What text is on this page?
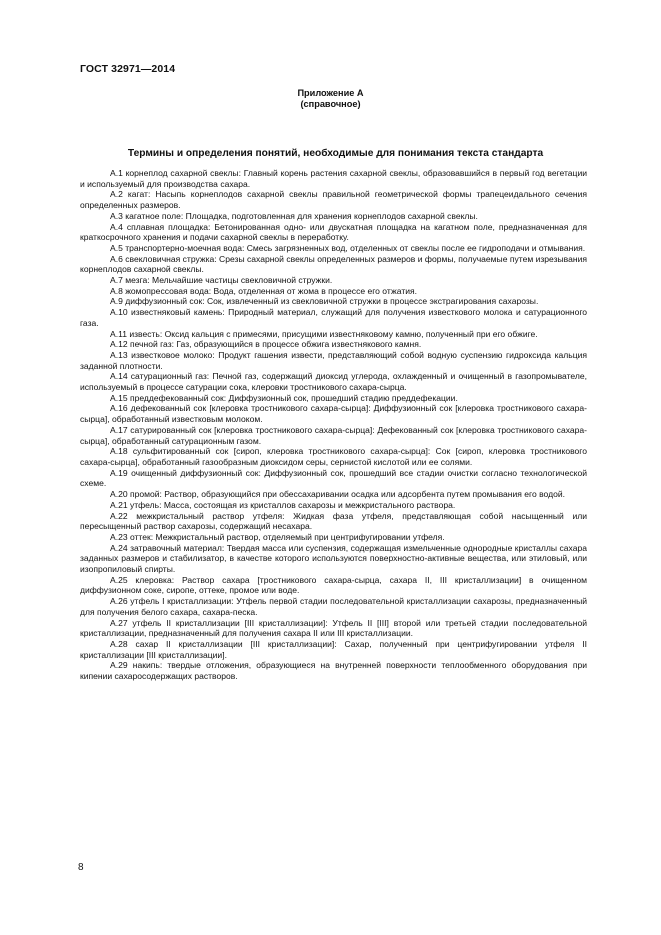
ГОСТ 32971—2014
Приложение А
(справочное)
Термины и определения понятий, необходимые для понимания текста стандарта

А.1 корнеплод сахарной свеклы: Главный корень растения сахарной свеклы, образовавшийся в первый год вегетации и используемый для производства сахара.

А.2 кагат: Насыпь корнеплодов сахарной свеклы правильной геометрической формы трапецеидального сечения определенных размеров.

А.3 кагатное поле: Площадка, подготовленная для хранения корнеплодов сахарной свеклы.

А.4 сплавная площадка: Бетонированная одно- или двускатная площадка на кагатном поле, предназначенная для краткосрочного хранения и подачи сахарной свеклы в переработку.

А.5 транспортерно-моечная вода: Смесь загрязненных вод, отделенных от свеклы после ее гидроподачи и отмывания.

А.6 свекловичная стружка: Срезы сахарной свеклы определенных размеров и формы, получаемые путем изрезывания корнеплодов сахарной свеклы.

А.7 мезга: Мельчайшие частицы свекловичной стружки.

А.8 жомопрессовая вода: Вода, отделенная от жома в процессе его отжатия.

А.9 диффузионный сок: Сок, извлеченный из свекловичной стружки в процессе экстрагирования сахарозы.

А.10 известняковый камень: Природный материал, служащий для получения известкового молока и сатурационного газа.

А.11 известь: Оксид кальция с примесями, присущими известняковому камню, полученный при его обжиге.

А.12 печной газ: Газ, образующийся в процессе обжига известнякового камня.

А.13 известковое молоко: Продукт гашения извести, представляющий собой водную суспензию гидроксида кальция заданной плотности.

А.14 сатурационный газ: Печной газ, содержащий диоксид углерода, охлажденный и очищенный в газопромывателе, используемый в процессе сатурации сока, клеровки тростникового сахара-сырца.

А.15 преддефекованный сок: Диффузионный сок, прошедший стадию преддефекации.

А.16 дефекованный сок [клеровка тростникового сахара-сырца]: Диффузионный сок [клеровка тростникового сахара-сырца], обработанный известковым молоком.

А.17 сатурированный сок [клеровка тростникового сахара-сырца]: Дефекованный сок [клеровка тростникового сахара-сырца], обработанный сатурационным газом.

А.18 сульфитированный сок [сироп, клеровка тростникового сахара-сырца]: Сок [сироп, клеровка тростникового сахара-сырца], обработанный газообразным диоксидом серы, сернистой кислотой или ее солями.

А.19 очищенный диффузионный сок: Диффузионный сок, прошедший все стадии очистки согласно технологической схеме.

А.20 промой: Раствор, образующийся при обессахаривании осадка или адсорбента путем промывания его водой.

А.21 утфель: Масса, состоящая из кристаллов сахарозы и межкристального раствора.

А.22 межкристальный раствор утфеля: Жидкая фаза утфеля, представляющая собой насыщенный или пересыщенный раствор сахарозы, содержащий несахара.

А.23 оттек: Межкристальный раствор, отделяемый при центрифугировании утфеля.

А.24 затравочный материал: Твердая масса или суспензия, содержащая измельченные однородные кристаллы сахара заданных размеров и стабилизатор, в качестве которого используются поверхностно-активные вещества, или этиловый, или изопропиловый спирты.

А.25 клеровка: Раствор сахара [тростникового сахара-сырца, сахара II, III кристаллизации] в очищенном диффузионном соке, сиропе, оттеке, промое или воде.

А.26 утфель I кристаллизации: Утфель первой стадии последовательной кристаллизации сахарозы, предназначенный для получения белого сахара, сахара-песка.

А.27 утфель II кристаллизации [III кристаллизации]: Утфель II [III] второй или третьей стадии последовательной кристаллизации, предназначенный для получения сахара II или III кристаллизации.

А.28 сахар II кристаллизации [III кристаллизации]: Сахар, полученный при центрифугировании утфеля II кристаллизации [III кристаллизации].

А.29 накипь: твердые отложения, образующиеся на внутренней поверхности теплообменного оборудования при кипении сахаросодержащих растворов.

8
